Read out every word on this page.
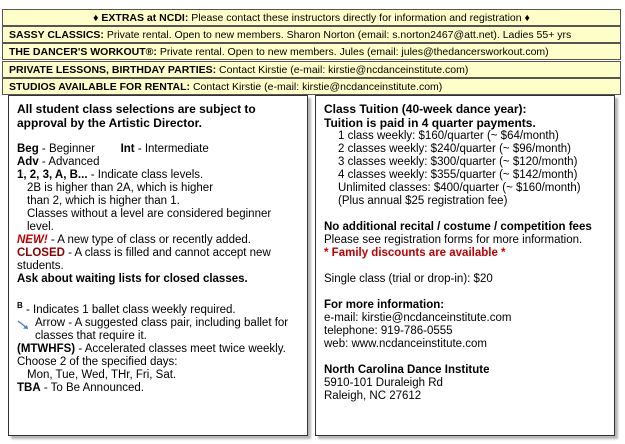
♦ EXTRAS at NCDI: Please contact these instructors directly for information and registration ♦
SASSY CLASSICS: Private rental. Open to new members. Sharon Norton (email: s.norton2467@att.net). Ladies 55+ yrs
THE DANCER'S WORKOUT®: Private rental. Open to new members. Jules (email: jules@thedancersworkout.com)
PRIVATE LESSONS, BIRTHDAY PARTIES: Contact Kirstie (e-mail: kirstie@ncdanceinstitute.com)
STUDIOS AVAILABLE FOR RENTAL: Contact Kirstie (e-mail: kirstie@ncdanceinstitute.com)
All student class selections are subject to approval by the Artistic Director.
Beg - Beginner Int - Intermediate
Adv - Advanced
1, 2, 3, A, B... - Indicate class levels.
2B is higher than 2A, which is higher
than 2, which is higher than 1.
Classes without a level are considered beginner level.
NEW! - A new type of class or recently added.
CLOSED - A class is filled and cannot accept new students.
Ask about waiting lists for closed classes.
$^B$ - Indicates 1 ballet class weekly required.
Arrow - A suggested class pair, including ballet for classes that require it.
(MTWHFS) - Accelerated classes meet twice weekly. Choose 2 of the specified days:
Mon, Tue, Wed, THr, Fri, Sat.
TBA - To Be Announced.
Class Tuition (40-week dance year):
Tuition is paid in 4 quarter payments.
1 class weekly: $160/quarter (~ $64/month)
2 classes weekly: $240/quarter (~ $96/month)
3 classes weekly: $300/quarter (~ $120/month)
4 classes weekly: $355/quarter (~ $142/month)
Unlimited classes: $400/quarter (~ $160/month)
(Plus annual $25 registration fee)
No additional recital / costume / competition fees
Please see registration forms for more information.
* Family discounts are available *
Single class (trial or drop-in): $20
For more information:
e-mail: kirstie@ncdanceinstitute.com
telephone: 919-786-0555
web: www.ncdanceinstitute.com
North Carolina Dance Institute
5910-101 Duraleigh Rd
Raleigh, NC 27612
